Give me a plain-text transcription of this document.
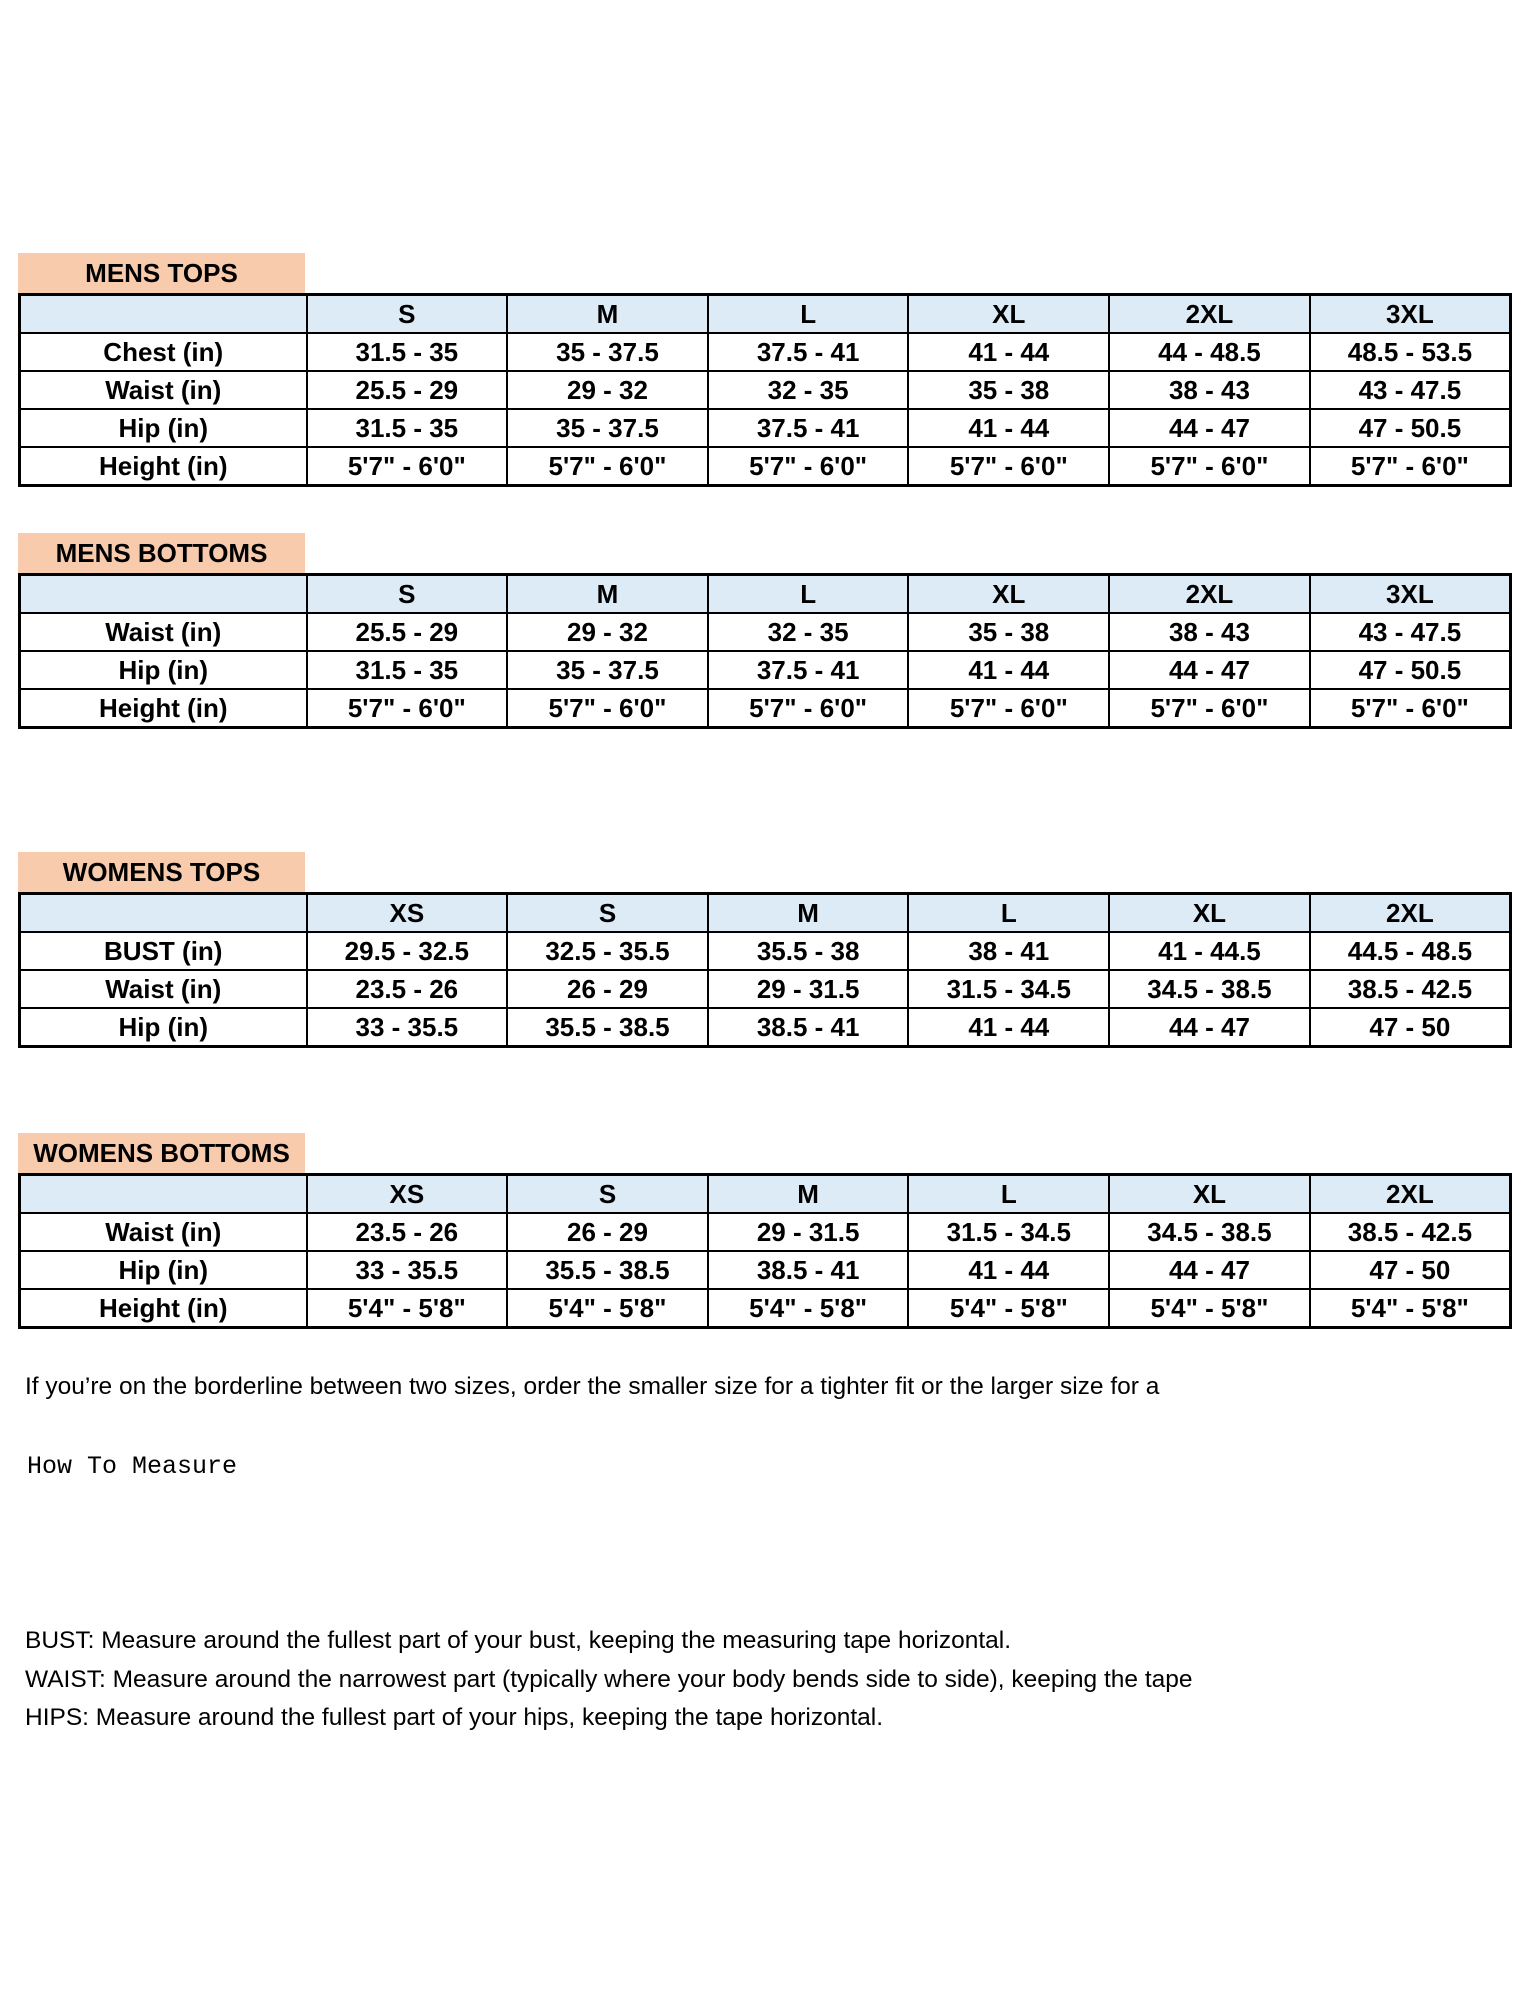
MENS TOPS
	S	M	L	XL	2XL	3XL
Chest (in)	31.5 - 35	35 - 37.5	37.5 - 41	41 - 44	44 - 48.5	48.5 - 53.5
Waist (in)	25.5 - 29	29 - 32	32 - 35	35 - 38	38 - 43	43 - 47.5
Hip (in)	31.5 - 35	35 - 37.5	37.5 - 41	41 - 44	44 - 47	47 - 50.5
Height (in)	5'7" - 6'0"	5'7" - 6'0"	5'7" - 6'0"	5'7" - 6'0"	5'7" - 6'0"	5'7" - 6'0"
MENS BOTTOMS
	S	M	L	XL	2XL	3XL
Waist (in)	25.5 - 29	29 - 32	32 - 35	35 - 38	38 - 43	43 - 47.5
Hip (in)	31.5 - 35	35 - 37.5	37.5 - 41	41 - 44	44 - 47	47 - 50.5
Height (in)	5'7" - 6'0"	5'7" - 6'0"	5'7" - 6'0"	5'7" - 6'0"	5'7" - 6'0"	5'7" - 6'0"
WOMENS TOPS
	XS	S	M	L	XL	2XL
BUST (in)	29.5 - 32.5	32.5 - 35.5	35.5 - 38	38 - 41	41 - 44.5	44.5 - 48.5
Waist (in)	23.5 - 26	26 - 29	29 - 31.5	31.5 - 34.5	34.5 - 38.5	38.5 - 42.5
Hip (in)	33 - 35.5	35.5 - 38.5	38.5 - 41	41 - 44	44 - 47	47 - 50
WOMENS BOTTOMS
	XS	S	M	L	XL	2XL
Waist (in)	23.5 - 26	26 - 29	29 - 31.5	31.5 - 34.5	34.5 - 38.5	38.5 - 42.5
Hip (in)	33 - 35.5	35.5 - 38.5	38.5 - 41	41 - 44	44 - 47	47 - 50
Height (in)	5'4" - 5'8"	5'4" - 5'8"	5'4" - 5'8"	5'4" - 5'8"	5'4" - 5'8"	5'4" - 5'8"

If you’re on the borderline between two sizes, order the smaller size for a tighter fit or the larger size for a

How To Measure

BUST: Measure around the fullest part of your bust, keeping the measuring tape horizontal.

WAIST: Measure around the narrowest part (typically where your body bends side to side), keeping the tape

HIPS: Measure around the fullest part of your hips, keeping the tape horizontal.
